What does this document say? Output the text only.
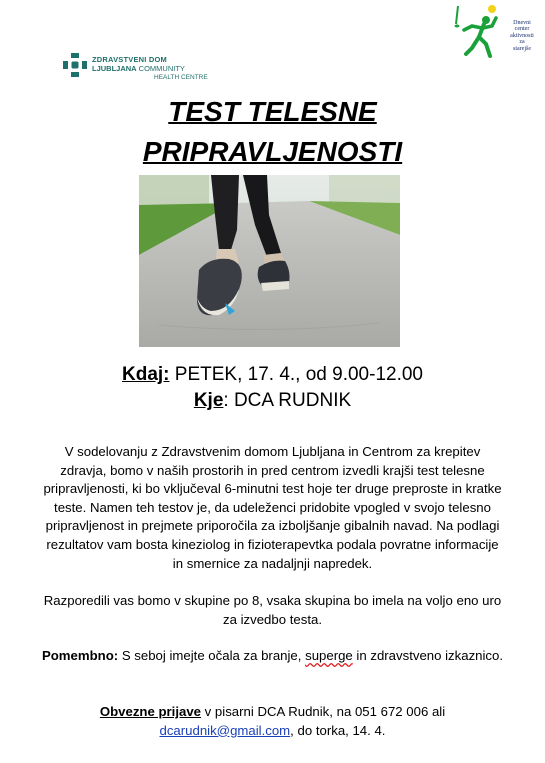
ZDRAVSTVENI DOM
LJUBLJANA COMMUNITY
HEALTH CENTRE
Dnevni
center
aktivnosti
za
starejše
TEST TELESNE
PRIPRAVLJENOSTI
Kdaj: PETEK, 17. 4., od 9.00-12.00
Kje: DCA RUDNIK
V sodelovanju z Zdravstvenim domom Ljubljana in Centrom za krepitev zdravja, bomo v naših prostorih in pred centrom izvedli krajši test telesne pripravljenosti, ki bo vključeval 6-minutni test hoje ter druge preproste in kratke teste. Namen teh testov je, da udeleženci pridobite vpogled v svojo telesno pripravljenost in prejmete priporočila za izboljšanje gibalnih navad. Na podlagi rezultatov vam bosta kineziolog in fizioterapevtka podala povratne informacije in smernice za nadaljnji napredek.
Razporedili vas bomo v skupine po 8, vsaka skupina bo imela na voljo eno uro za izvedbo testa.
Pomembno: S seboj imejte očala za branje, superge in zdravstveno izkaznico.
Obvezne prijave v pisarni DCA Rudnik, na 051 672 006 ali dcarudnik@gmail.com, do torka, 14. 4.
